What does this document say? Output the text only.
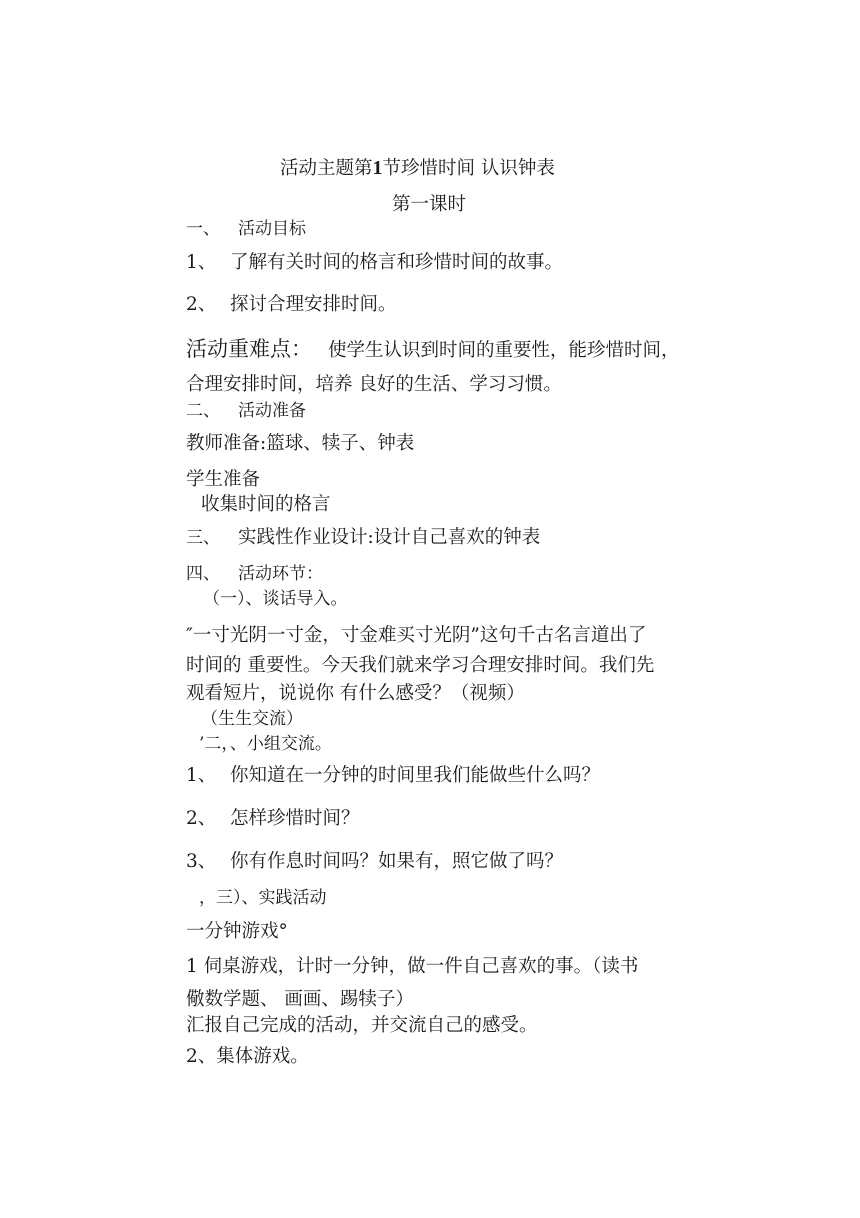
活动主题第1节珍惜时间 认识钟表
第一课时
一、 活动目标
1、 了解有关时间的格言和珍惜时间的故事。
2、 探讨合理安排时间。
活动重难点： 使学生认识到时间的重要性，能珍惜时间，
合理安排时间，培养 良好的生活、学习习惯。
二、 活动准备
教师准备:篮球、犊子、钟表
学生准备
收集时间的格言
三、 实践性作业设计:设计自己喜欢的钟表
四、 活动环节：
（一）、谈话导入。
″一寸光阴一寸金，寸金难买寸光阴”这句千古名言道出了
时间的 重要性。今天我们就来学习合理安排时间。我们先
观看短片，说说你 有什么感受？（视频）
（生生交流）
’二，、小组交流。
1、 你知道在一分钟的时间里我们能做些什么吗？
2、 怎样珍惜时间？
3、 你有作息时间吗？如果有，照它做了吗？
，三）、实践活动
一分钟游戏°
1 伺桌游戏，计时一分钟，做一件自己喜欢的事。（读书
儆数学题、 画画、踢犊子）
汇报自己完成的活动，并交流自己的感受。
2、集体游戏。
